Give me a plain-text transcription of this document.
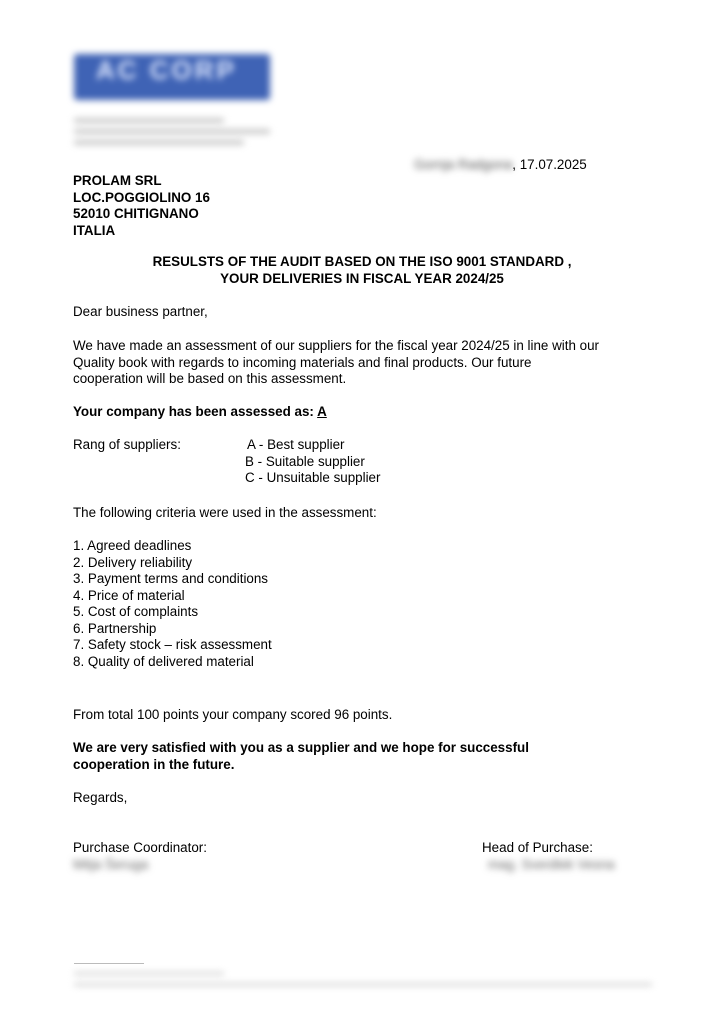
AC CORP
Gornja Radgona, 17.07.2025
PROLAM SRL
LOC.POGGIOLINO 16
52010 CHITIGNANO
ITALIA
RESULSTS OF THE AUDIT BASED ON THE ISO 9001 STANDARD ,
YOUR DELIVERIES IN FISCAL YEAR 2024/25
Dear business partner,
We have made an assessment of our suppliers for the fiscal year 2024/25 in line with our
Quality book with regards to incoming materials and final products. Our future
cooperation will be based on this assessment.
Your company has been assessed as: A
Rang of suppliers:	A - Best supplier
B - Suitable supplier
C - Unsuitable supplier
The following criteria were used in the assessment:
1. Agreed deadlines
2. Delivery reliability
3. Payment terms and conditions
4. Price of material
5. Cost of complaints
6. Partnership
7. Safety stock – risk assessment
8. Quality of delivered material
From total 100 points your company scored 96 points.
We are very satisfied with you as a supplier and we hope for successful
cooperation in the future.
Regards,
Purchase Coordinator:
Mitja Šeruga
Head of Purchase:
mag. Sverdlek Vesna
